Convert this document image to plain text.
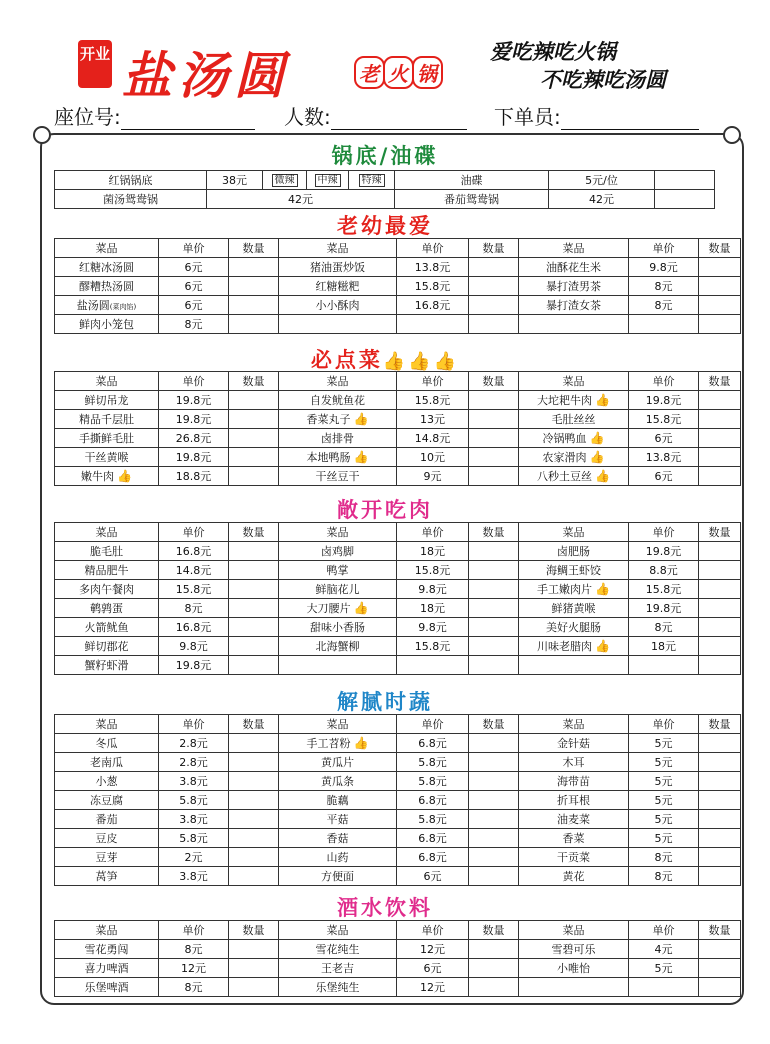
开业 盐汤圆	老 火 锅
爱吃辣吃火锅
不吃辣吃汤圆
座位号:	人数:	下单员:
锅底/油碟
红锅锅底	38元	微辣	中辣	特辣	油碟	5元/位	
菌汤鸳鸯锅	42元				番茄鸳鸯锅	42元	
老幼最爱
菜品	单价	数量	菜品	单价	数量	菜品	单价	数量
红糖冰汤圆	6元		猪油蛋炒饭	13.8元		油酥花生米	9.8元	
醪糟热汤圆	6元		红糖糍粑	15.8元		暴打渣男茶	8元	
盐汤圆(菜肉馅)	6元		小小酥肉	16.8元		暴打渣女茶	8元	
鲜肉小笼包	8元							
必点菜👍👍👍
菜品	单价	数量	菜品	单价	数量	菜品	单价	数量
鲜切吊龙	19.8元		自发鱿鱼花	15.8元		大坨耙牛肉 👍	19.8元	
精品千层肚	19.8元		香菜丸子 👍	13元		毛肚丝丝	15.8元	
手撕鲜毛肚	26.8元		卤排骨	14.8元		冷锅鸭血 👍	6元	
干丝黄喉	19.8元		本地鸭肠 👍	10元		农家滑肉 👍	13.8元	
嫩牛肉 👍	18.8元		干丝豆干	9元		八秒土豆丝 👍	6元	
敞开吃肉
菜品	单价	数量	菜品	单价	数量	菜品	单价	数量
脆毛肚	16.8元		卤鸡脚	18元		卤肥肠	19.8元	
精品肥牛	14.8元		鸭掌	15.8元		海鲷王虾饺	8.8元	
多肉午餐肉	15.8元		鲜脑花儿	9.8元		手工嫩肉片 👍	15.8元	
鹌鹑蛋	8元		大刀腰片 👍	18元		鲜猪黄喉	19.8元	
火箭鱿鱼	16.8元		甜味小香肠	9.8元		美好火腿肠	8元	
鲜切郡花	9.8元		北海蟹柳	15.8元		川味老腊肉 👍	18元	
蟹籽虾滑	19.8元							
解腻时蔬
菜品	单价	数量	菜品	单价	数量	菜品	单价	数量
冬瓜	2.8元		手工苕粉 👍	6.8元		金针菇	5元	
老南瓜	2.8元		黄瓜片	5.8元		木耳	5元	
小葱	3.8元		黄瓜条	5.8元		海带苗	5元	
冻豆腐	5.8元		脆藕	6.8元		折耳根	5元	
番茄	3.8元		平菇	5.8元		油麦菜	5元	
豆皮	5.8元		香菇	6.8元		香菜	5元	
豆芽	2元		山药	6.8元		干贡菜	8元	
莴笋	3.8元		方便面	6元		黄花	8元	
酒水饮料
菜品	单价	数量	菜品	单价	数量	菜品	单价	数量
雪花勇闯	8元		雪花纯生	12元		雪碧可乐	4元	
喜力啤酒	12元		王老吉	6元		小唯怡	5元	
乐堡啤酒	8元		乐堡纯生	12元				
